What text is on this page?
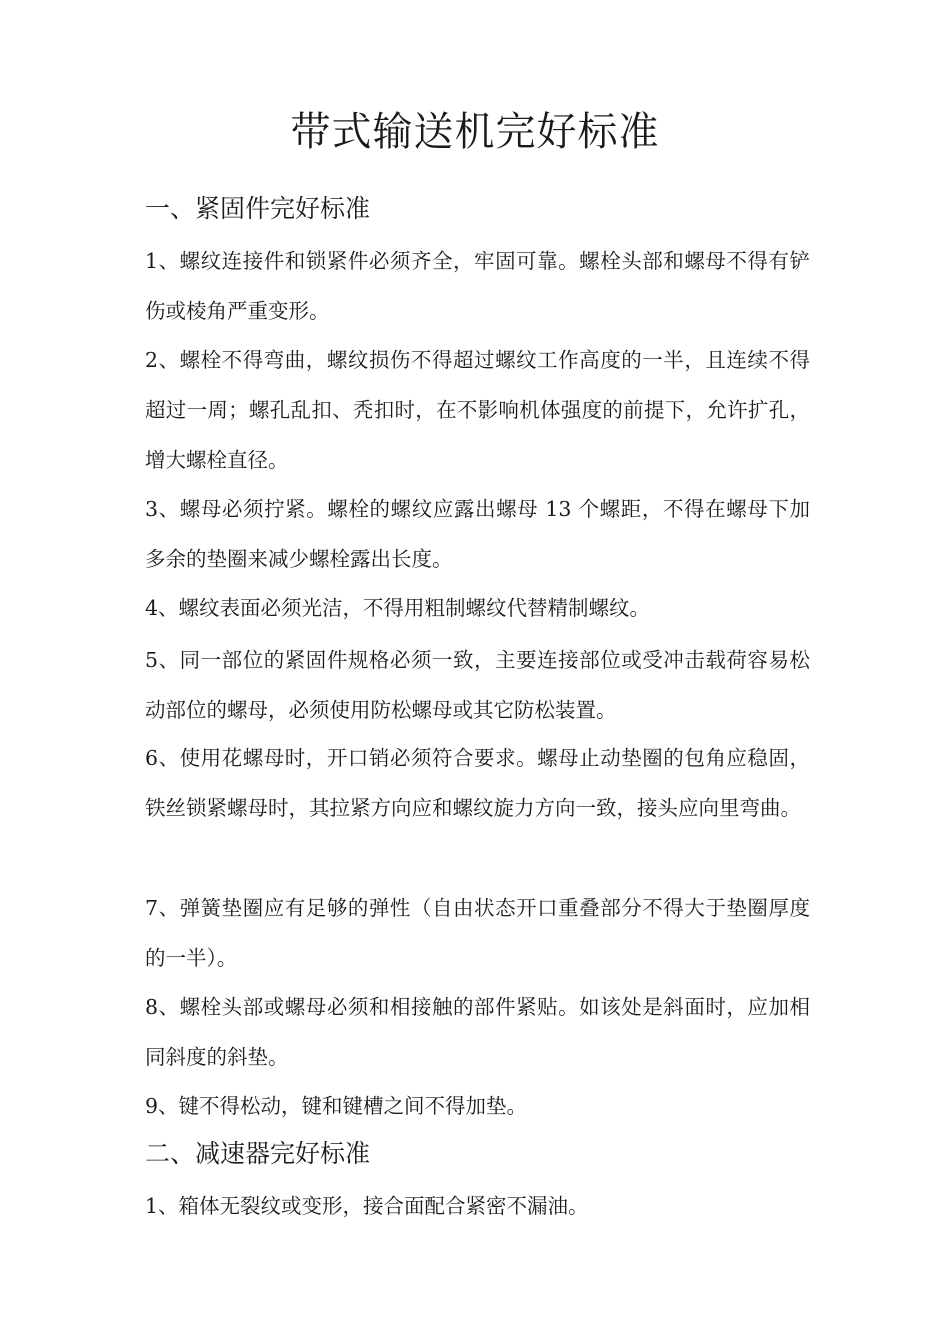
带式输送机完好标准
一、紧固件完好标准

1、螺纹连接件和锁紧件必须齐全，牢固可靠。螺栓头部和螺母不得有铲伤或棱角严重变形。

2、螺栓不得弯曲，螺纹损伤不得超过螺纹工作高度的一半，且连续不得超过一周；螺孔乱扣、秃扣时，在不影响机体强度的前提下，允许扩孔，增大螺栓直径。

3、螺母必须拧紧。螺栓的螺纹应露出螺母 13 个螺距，不得在螺母下加多余的垫圈来减少螺栓露出长度。

4、螺纹表面必须光洁，不得用粗制螺纹代替精制螺纹。

5、同一部位的紧固件规格必须一致，主要连接部位或受冲击载荷容易松动部位的螺母，必须使用防松螺母或其它防松装置。

6、使用花螺母时，开口销必须符合要求。螺母止动垫圈的包角应稳固，铁丝锁紧螺母时，其拉紧方向应和螺纹旋力方向一致，接头应向里弯曲。

7、弹簧垫圈应有足够的弹性（自由状态开口重叠部分不得大于垫圈厚度的一半）。

8、螺栓头部或螺母必须和相接触的部件紧贴。如该处是斜面时，应加相同斜度的斜垫。

9、键不得松动，键和键槽之间不得加垫。

二、减速器完好标准

1、箱体无裂纹或变形，接合面配合紧密不漏油。
